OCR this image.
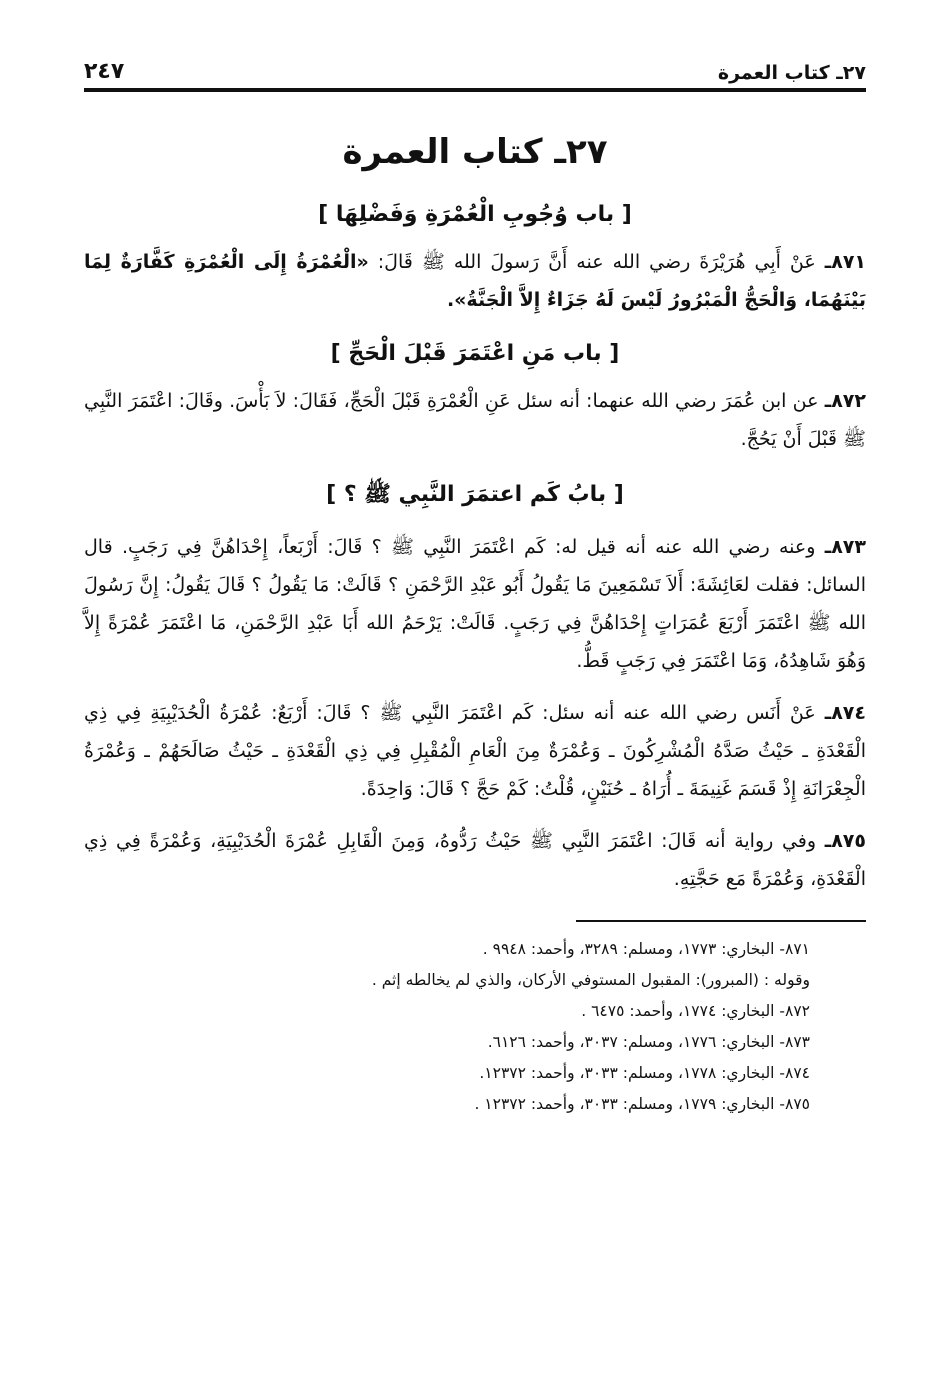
٢٧ـ كتاب العمرة
٢٤٧
٢٧ـ كتاب العمرة
[ باب وُجُوبِ الْعُمْرَةِ وَفَضْلِهَا ]

٨٧١ـ عَنْ أَبِي هُرَيْرَةَ رضي الله عنه أَنَّ رَسولَ الله ﷺ قَالَ: «الْعُمْرَةُ إِلَى الْعُمْرَةِ كَفَّارَةٌ لِمَا بَيْنَهُمَا، وَالْحَجُّ الْمَبْرُورُ لَيْسَ لَهُ جَزَاءٌ إِلاَّ الْجَنَّةُ».

[ باب مَنِ اعْتَمَرَ قَبْلَ الْحَجِّ ]

٨٧٢ـ عن ابن عُمَرَ رضي الله عنهما: أنه سئل عَنِ الْعُمْرَةِ قَبْلَ الْحَجِّ، فَقَالَ: لاَ بَأْسَ. وقَالَ: اعْتَمَرَ النَّبِي ﷺ قَبْلَ أَنْ يَحُجَّ.

[ بابُ كَم اعتمَرَ النَّبِي ﷺ ؟ ]

٨٧٣ـ وعنه رضي الله عنه أنه قيل له: كَم اعْتَمَرَ النَّبِي ﷺ ؟ قَالَ: أَرْبَعاً، إِحْدَاهُنَّ فِي رَجَبٍ. قال السائل: فقلت لعَائِشَةَ: أَلاَ تَسْمَعِينَ مَا يَقُولُ أَبُو عَبْدِ الرَّحْمَنِ ؟ قَالَتْ: مَا يَقُولُ ؟ قَالَ يَقُولُ: إِنَّ رَسُولَ الله ﷺ اعْتَمَرَ أَرْبَعَ عُمَرَاتٍ إِحْدَاهُنَّ فِي رَجَبٍ. قَالَتْ: يَرْحَمُ الله أَبَا عَبْدِ الرَّحْمَنِ، مَا اعْتَمَرَ عُمْرَةً إِلاَّ وَهُوَ شَاهِدُهُ، وَمَا اعْتَمَرَ فِي رَجَبٍ قَطُّ.

٨٧٤ـ عَنْ أَنَس رضي الله عنه أنه سئل: كَم اعْتَمَرَ النَّبِي ﷺ ؟ قَالَ: أَرْبَعٌ: عُمْرَةُ الْحُدَيْبِيَةِ فِي ذِي الْقَعْدَةِ ـ حَيْثُ صَدَّهُ الْمُشْرِكُونَ ـ وَعُمْرَةٌ مِنَ الْعَامِ الْمُقْبِلِ فِي ذِي الْقَعْدَةِ ـ حَيْثُ صَالَحَهُمْ ـ وَعُمْرَةُ الْجِعْرَانَةِ إِذْ قَسَمَ غَنِيمَةَ ـ أُرَاهُ ـ حُنَيْنٍ، قُلْتُ: كَمْ حَجَّ ؟ قَالَ: وَاحِدَةً.

٨٧٥ـ وفي رواية أنه قَالَ: اعْتَمَرَ النَّبِي ﷺ حَيْثُ رَدُّوهُ، وَمِنَ الْقَابِلِ عُمْرَةَ الْحُدَيْبِيَةِ، وَعُمْرَةً فِي ذِي الْقَعْدَةِ، وَعُمْرَةً مَع حَجَّتِهِ.

٨٧١- البخاري: ١٧٧٣، ومسلم: ٣٢٨٩، وأحمد: ٩٩٤٨ .
وقوله : (المبرور): المقبول المستوفي الأركان، والذي لم يخالطه إثم .
٨٧٢- البخاري: ١٧٧٤، وأحمد: ٦٤٧٥ .
٨٧٣- البخاري: ١٧٧٦، ومسلم: ٣٠٣٧، وأحمد: ٦١٢٦.
٨٧٤- البخاري: ١٧٧٨، ومسلم: ٣٠٣٣، وأحمد: ١٢٣٧٢.
٨٧٥- البخاري: ١٧٧٩، ومسلم: ٣٠٣٣، وأحمد: ١٢٣٧٢ .
